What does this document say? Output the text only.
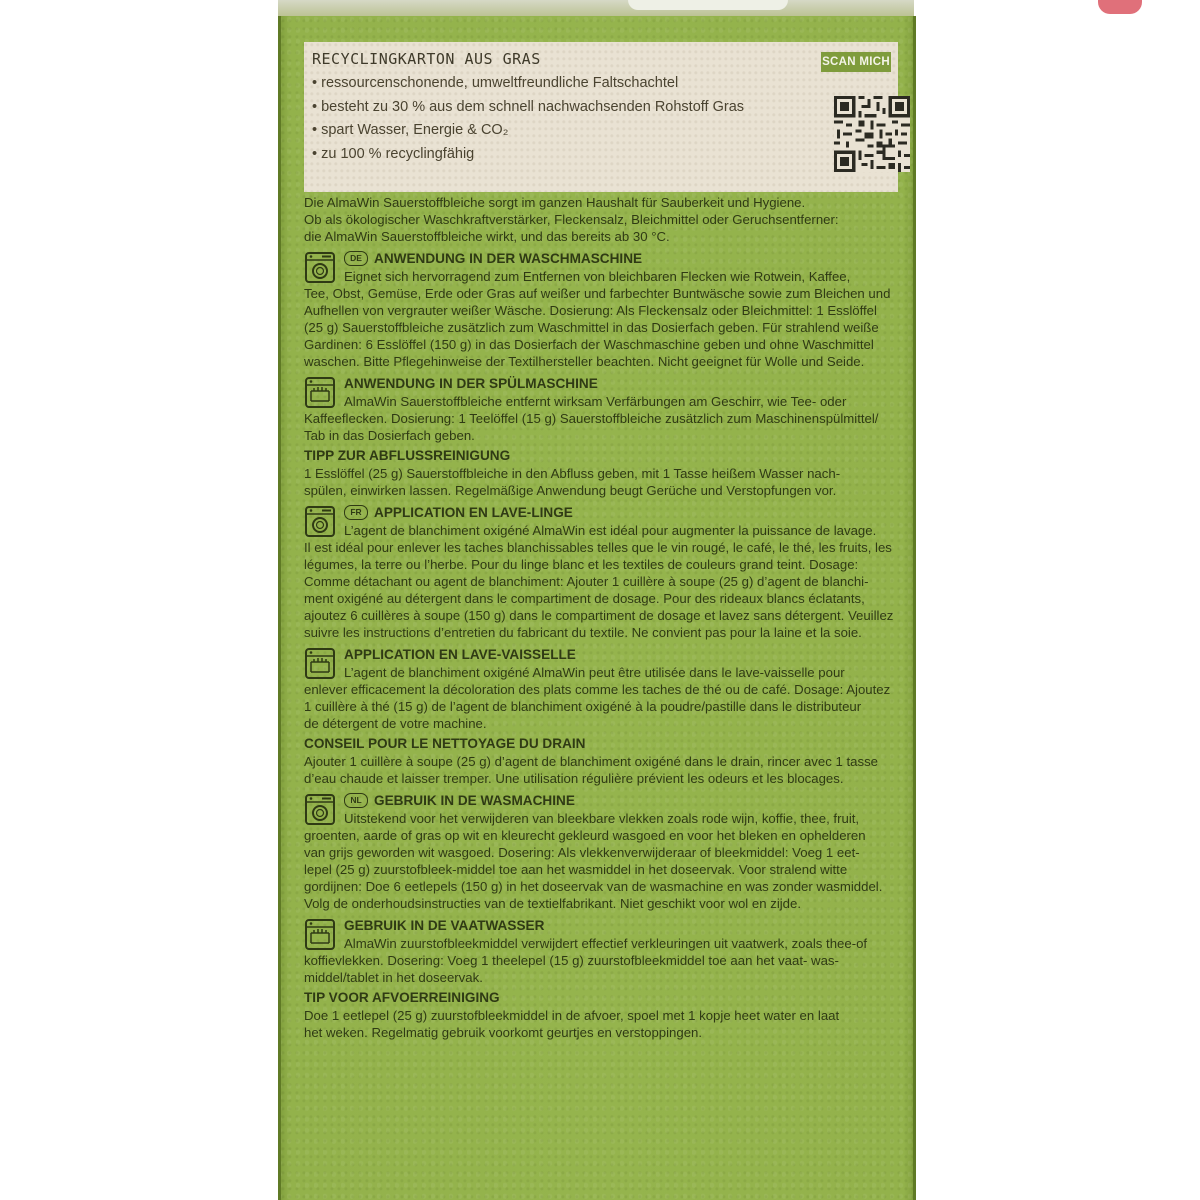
RECYCLINGKARTON AUS GRAS
• ressourcenschonende, umweltfreundliche Faltschachtel
• besteht zu 30 % aus dem schnell nachwachsenden Rohstoff Gras
• spart Wasser, Energie & CO₂
• zu 100 % recyclingfähig
SCAN MICH

Die AlmaWin Sauerstoffbleiche sorgt im ganzen Haushalt für Sauberkeit und Hygiene.

Ob als ökologischer Waschkraftverstärker, Fleckensalz, Bleichmittel oder Geruchsentferner:

die AlmaWin Sauerstoffbleiche wirkt, und das bereits ab 30 °C.

DE ANWENDUNG IN DER WASCHMASCHINE

Eignet sich hervorragend zum Entfernen von bleichbaren Flecken wie Rotwein, Kaffee,

Tee, Obst, Gemüse, Erde oder Gras auf weißer und farbechter Buntwäsche sowie zum Bleichen und

Aufhellen von vergrauter weißer Wäsche. Dosierung: Als Fleckensalz oder Bleichmittel: 1 Esslöffel

(25 g) Sauerstoffbleiche zusätzlich zum Waschmittel in das Dosierfach geben. Für strahlend weiße

Gardinen: 6 Esslöffel (150 g) in das Dosierfach der Waschmaschine geben und ohne Waschmittel

waschen. Bitte Pflegehinweise der Textilhersteller beachten. Nicht geeignet für Wolle und Seide.

ANWENDUNG IN DER SPÜLMASCHINE

AlmaWin Sauerstoffbleiche entfernt wirksam Verfärbungen am Geschirr, wie Tee- oder

Kaffeeflecken. Dosierung: 1 Teelöffel (15 g) Sauerstoffbleiche zusätzlich zum Maschinenspülmittel/

Tab in das Dosierfach geben.

TIPP ZUR ABFLUSSREINIGUNG

1 Esslöffel (25 g) Sauerstoffbleiche in den Abfluss geben, mit 1 Tasse heißem Wasser nach-

spülen, einwirken lassen. Regelmäßige Anwendung beugt Gerüche und Verstopfungen vor.

FR APPLICATION EN LAVE-LINGE

L’agent de blanchiment oxigéné AlmaWin est idéal pour augmenter la puissance de lavage.

Il est idéal pour enlever les taches blanchissables telles que le vin rougé, le café, le thé, les fruits, les

légumes, la terre ou l’herbe. Pour du linge blanc et les textiles de couleurs grand teint. Dosage:

Comme détachant ou agent de blanchiment: Ajouter 1 cuillère à soupe (25 g) d’agent de blanchi-

ment oxigéné au détergent dans le compartiment de dosage. Pour des rideaux blancs éclatants,

ajoutez 6 cuillères à soupe (150 g) dans le compartiment de dosage et lavez sans détergent. Veuillez

suivre les instructions d’entretien du fabricant du textile. Ne convient pas pour la laine et la soie.

APPLICATION EN LAVE-VAISSELLE

L’agent de blanchiment oxigéné AlmaWin peut être utilisée dans le lave-vaisselle pour

enlever efficacement la décoloration des plats comme les taches de thé ou de café. Dosage: Ajoutez

1 cuillère à thé (15 g) de l’agent de blanchiment oxigéné à la poudre/pastille dans le distributeur

de détergent de votre machine.

CONSEIL POUR LE NETTOYAGE DU DRAIN

Ajouter 1 cuillère à soupe (25 g) d’agent de blanchiment oxigéné dans le drain, rincer avec 1 tasse

d’eau chaude et laisser tremper. Une utilisation régulière prévient les odeurs et les blocages.

NL GEBRUIK IN DE WASMACHINE

Uitstekend voor het verwijderen van bleekbare vlekken zoals rode wijn, koffie, thee, fruit,

groenten, aarde of gras op wit en kleurecht gekleurd wasgoed en voor het bleken en ophelderen

van grijs geworden wit wasgoed. Dosering: Als vlekkenverwijderaar of bleekmiddel: Voeg 1 eet-

lepel (25 g) zuurstofbleek-middel toe aan het wasmiddel in het doseervak. Voor stralend witte

gordijnen: Doe 6 eetlepels (150 g) in het doseervak van de wasmachine en was zonder wasmiddel.

Volg de onderhoudsinstructies van de textielfabrikant. Niet geschikt voor wol en zijde.

GEBRUIK IN DE VAATWASSER

AlmaWin zuurstofbleekmiddel verwijdert effectief verkleuringen uit vaatwerk, zoals thee-of

koffievlekken. Dosering: Voeg 1 theelepel (15 g) zuurstofbleekmiddel toe aan het vaat- was-

middel/tablet in het doseervak.

TIP VOOR AFVOERREINIGING

Doe 1 eetlepel (25 g) zuurstofbleekmiddel in de afvoer, spoel met 1 kopje heet water en laat

het weken. Regelmatig gebruik voorkomt geurtjes en verstoppingen.
